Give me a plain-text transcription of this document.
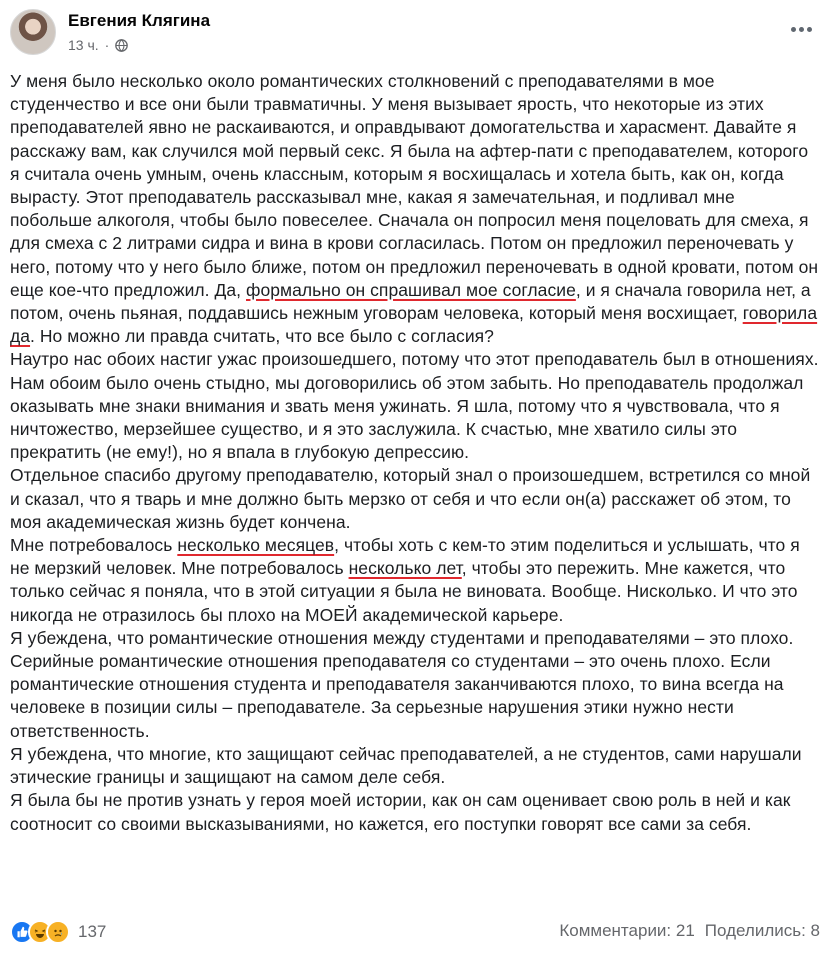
Евгения Клягина
13 ч. ·

У меня было несколько около романтических столкновений с преподавателями в мое студенчество и все они были травматичны. У меня вызывает ярость, что некоторые из этих преподавателей явно не раскаиваются, и оправдывают домогательства и харасмент. Давайте я расскажу вам, как случился мой первый секс. Я была на афтер-пати с преподавателем, которого я считала очень умным, очень классным, которым я восхищалась и хотела быть, как он, когда вырасту. Этот преподаватель рассказывал мне, какая я замечательная, и подливал мне побольше алкоголя, чтобы было повеселее. Сначала он попросил меня поцеловать для смеха, я для смеха с 2 литрами сидра и вина в крови согласилась. Потом он предложил переночевать у него, потому что у него было ближе, потом он предложил переночевать в одной кровати, потом он еще кое-что предложил. Да, формально он спрашивал мое согласие, и я сначала говорила нет, а потом, очень пьяная, поддавшись нежным уговорам человека, который меня восхищает, говорила да. Но можно ли правда считать, что все было с согласия?

Наутро нас обоих настиг ужас произошедшего, потому что этот преподаватель был в отношениях. Нам обоим было очень стыдно, мы договорились об этом забыть. Но преподаватель продолжал оказывать мне знаки внимания и звать меня ужинать. Я шла, потому что я чувствовала, что я ничтожество, мерзейшее существо, и я это заслужила. К счастью, мне хватило силы это прекратить (не ему!), но я впала в глубокую депрессию.

Отдельное спасибо другому преподавателю, который знал о произошедшем, встретился со мной и сказал, что я тварь и мне должно быть мерзко от себя и что если он(а) расскажет об этом, то моя академическая жизнь будет кончена.

Мне потребовалось несколько месяцев, чтобы хоть с кем-то этим поделиться и услышать, что я не мерзкий человек. Мне потребовалось несколько лет, чтобы это пережить. Мне кажется, что только сейчас я поняла, что в этой ситуации я была не виновата. Вообще. Нисколько. И что это никогда не отразилось бы плохо на МОЕЙ академической карьере.

Я убеждена, что романтические отношения между студентами и преподавателями – это плохо. Серийные романтические отношения преподавателя со студентами – это очень плохо. Если романтические отношения студента и преподавателя заканчиваются плохо, то вина всегда на человеке в позиции силы – преподавателе. За серьезные нарушения этики нужно нести ответственность.

Я убеждена, что многие, кто защищают сейчас преподавателей, а не студентов, сами нарушали этические границы и защищают на самом деле себя.

Я была бы не против узнать у героя моей истории, как он сам оценивает свою роль в ней и как соотносит со своими высказываниями, но кажется, его поступки говорят все сами за себя.

137	Комментарии: 21 Поделились: 8
